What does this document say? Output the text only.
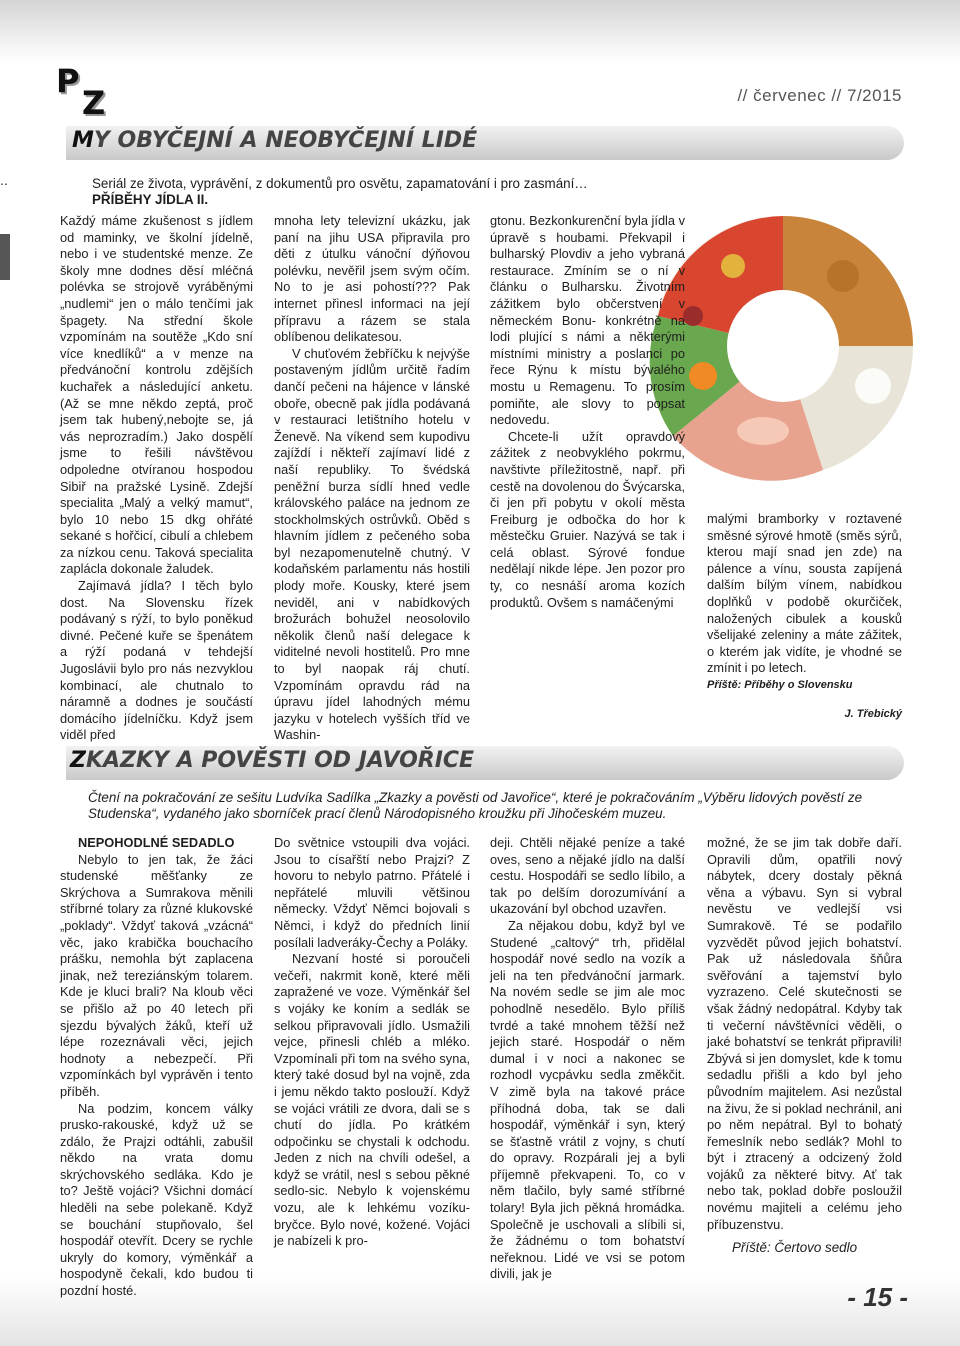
P
Z	// červenec // 7/2015
..
MY OBYČEJNÍ A NEOBYČEJNÍ LIDÉ
Seriál ze života, vyprávění, z dokumentů pro osvětu, zapamatování i pro zasmání…
PŘÍBĚHY JÍDLA II.

Každý máme zkušenost s jídlem od maminky, ve školní jídelně, nebo i ve studentské menze. Ze školy mne dodnes děsí mléčná polévka se strojově vyráběnými „nudlemi“ jen o málo tenčími jak špagety. Na střední škole vzpomínám na soutěže „Kdo sní více knedlíků“ a v menze na předvánoční kontrolu zdějších kuchařek a následující anketu. (Až se mne někdo zeptá, proč jsem tak hubený,nebojte se, já vás neprozradím.) Jako dospělí jsme to řešili návštěvou odpoledne otvíranou hospodou Sibiř na pražské Lysině. Zdejší specialita „Malý a velký mamut“, bylo 10 nebo 15 dkg ohřáté sekané s hořčicí, cibulí a chlebem za nízkou cenu. Taková specialita zaplácla dokonale žaludek.

Zajímavá jídla? I těch bylo dost. Na Slovensku řízek podávaný s rýží, to bylo poněkud divné. Pečené kuře se špenátem a rýží podaná v tehdejší Jugoslávii bylo pro nás nezvyklou kombinací, ale chutnalo to náramně a dodnes je součástí domácího jídelníčku. Když jsem viděl před

mnoha lety televizní ukázku, jak paní na jihu USA připravila pro děti z útulku vánoční dýňovou polévku, nevěřil jsem svým očím. No to je asi pohostí??? Pak internet přinesl informaci na její přípravu a rázem se stala oblíbenou delikatesou.

V chuťovém žebříčku k nejvýše postaveným jídlům určitě řadím dančí pečeni na hájence v lánské oboře, obecně pak jídla podávaná v restauraci letištního hotelu v Ženevě. Na víkend sem kupodivu zajíždí i někteří zajímaví lidé z naší republiky. To švédská peněžní burza sídlí hned vedle královského paláce na jednom ze stockholmských ostrůvků. Oběd s hlavním jídlem z pečeného soba byl nezapomenutelně chutný. V kodaňském parlamentu nás hostili plody moře. Kousky, které jsem neviděl, ani v nabídkových brožurách bohužel neosolovilo několik členů naší delegace k viditelné nevoli hostitelů. Pro mne to byl naopak ráj chutí. Vzpomínám opravdu rád na úpravu jídel lahodných mému jazyku v hotelech vyšších tříd ve Washin-

gtonu. Bezkonkurenční byla jídla v úpravě s houbami. Překvapil i bulharský Plovdiv a jeho vybraná restaurace. Zmíním se o ní v článku o Bulharsku. Životním zážitkem bylo občerstvení v německém Bonu- konkrétně na lodi plující s námi a některými místními ministry a poslanci po řece Rýnu k místu bývalého mostu u Remagenu. To prosím pomiňte, ale slovy to popsat nedovedu.

Chcete-li užít opravdový zážitek z neobvyklého pokrmu, navštivte příležitostně, např. při cestě na dovolenou do Švýcarska, či jen při pobytu v okolí města Freiburg je odbočka do hor k městečku Gruier. Nazývá se tak i celá oblast. Sýrové fondue nedělají nikde lépe. Jen pozor pro ty, co nesnáší aroma kozích produktů. Ovšem s namáčenými

malými bramborky v roztavené směsné sýrové hmotě (směs sýrů, kterou mají snad jen zde) na pálence a vínu, sousta zapíjená dalším bílým vínem, nabídkou doplňků v podobě okurčiček, naložených cibulek a kousků všelijaké zeleniny a máte zážitek, o kterém jak vidíte, je vhodné se zmínit i po letech.

Příště: Příběhy o Slovensku

J. Třebický

ZKAZKY A POVĚSTI OD JAVOŘICE
Čtení na pokračování ze sešitu Ludvíka Sadílka „Zkazky a pověsti od Javořice“, které je pokračováním „Výběru lidových pověstí ze Studenska“, vydaného jako sborníček prací členů Národopisného kroužku při Jihočeském muzeu.

NEPOHODLNÉ SEDADLO

Nebylo to jen tak, že žáci studenské měšťanky ze Skrýchova a Sumrakova měnili stříbrné tolary za různé klukovské „poklady“. Vždyť taková „vzácná“ věc, jako krabička bouchacího prášku, nemohla být zaplacena jinak, než tereziánským tolarem. Kde je kluci brali? Na kloub věci se přišlo až po 40 letech při sjezdu bývalých žáků, kteří už lépe rozeznávali věci, jejich hodnoty a nebezpečí. Při vzpomínkách byl vyprávěn i tento příběh.

Na podzim, koncem války prusko-rakouské, když už se zdálo, že Prajzi odtáhli, zabušil někdo na vrata domu skrýchovského sedláka. Kdo je to? Ještě vojáci? Všichni domácí hleděli na sebe polekaně. Když se bouchání stupňovalo, šel hospodář otevřít. Dcery se rychle ukryly do komory, výměnkář a hospodyně čekali, kdo budou ti pozdní hosté.

Do světnice vstoupili dva vojáci. Jsou to císařští nebo Prajzi? Z hovoru to nebylo patrno. Přátelé i nepřátelé mluvili většinou německy. Vždyť Němci bojovali s Němci, i když do předních linií posílali ladveráky-Čechy a Poláky.

Nezvaní hosté si poroučeli večeři, nakrmit koně, které měli zapražené ve voze. Výměnkář šel s vojáky ke koním a sedlák se selkou připravovali jídlo. Usmažili vejce, přinesli chléb a mléko. Vzpomínali při tom na svého syna, který také dosud byl na vojně, zda i jemu někdo takto poslouží. Když se vojáci vrátili ze dvora, dali se s chutí do jídla. Po krátkém odpočinku se chystali k odchodu. Jeden z nich na chvíli odešel, a když se vrátil, nesl s sebou pěkné sedlo-sic. Nebylo k vojenskému vozu, ale k lehkému vozíku-bryčce. Bylo nové, kožené. Vojáci je nabízeli k pro-

deji. Chtěli nějaké peníze a také oves, seno a nějaké jídlo na další cestu. Hospodáři se sedlo líbilo, a tak po delším dorozumívání a ukazování byl obchod uzavřen.

Za nějakou dobu, když byl ve Studené „caltový“ trh, přidělal hospodář nové sedlo na vozík a jeli na ten předvánoční jarmark. Na novém sedle se jim ale moc pohodlně nesedělo. Bylo příliš tvrdé a také mnohem těžší než jejich staré. Hospodář o něm dumal i v noci a nakonec se rozhodl vycpávku sedla změkčit. V zimě byla na takové práce příhodná doba, tak se dali hospodář, výměnkář i syn, který se šťastně vrátil z vojny, s chutí do opravy. Rozpárali jej a byli příjemně překvapeni. To, co v něm tlačilo, byly samé stříbrné tolary! Byla jich pěkná hromádka. Společně je uschovali a slíbili si, že žádnému o tom bohatství neřeknou. Lidé ve vsi se potom divili, jak je

možné, že se jim tak dobře daří. Opravili dům, opatřili nový nábytek, dcery dostaly pěkná věna a výbavu. Syn si vybral nevěstu ve vedlejší vsi Sumrakově. Té se podařilo vyzvědět původ jejich bohatství. Pak už následovala šňůra svěřování a tajemství bylo vyzrazeno. Celé skutečnosti se však žádný nedopátral. Kdyby tak ti večerní návštěvníci věděli, o jaké bohatství se tenkrát připravili! Zbývá si jen domyslet, kde k tomu sedadlu přišli a kdo byl jeho původním majitelem. Asi nezůstal na živu, že si poklad nechránil, ani po něm nepátral. Byl to bohatý řemeslník nebo sedlák? Mohl to být i ztracený a odcizený žold vojáků za některé bitvy. Ať tak nebo tak, poklad dobře posloužil novému majiteli a celému jeho příbuzenstvu.

Příště: Čertovo sedlo
- 15 -
